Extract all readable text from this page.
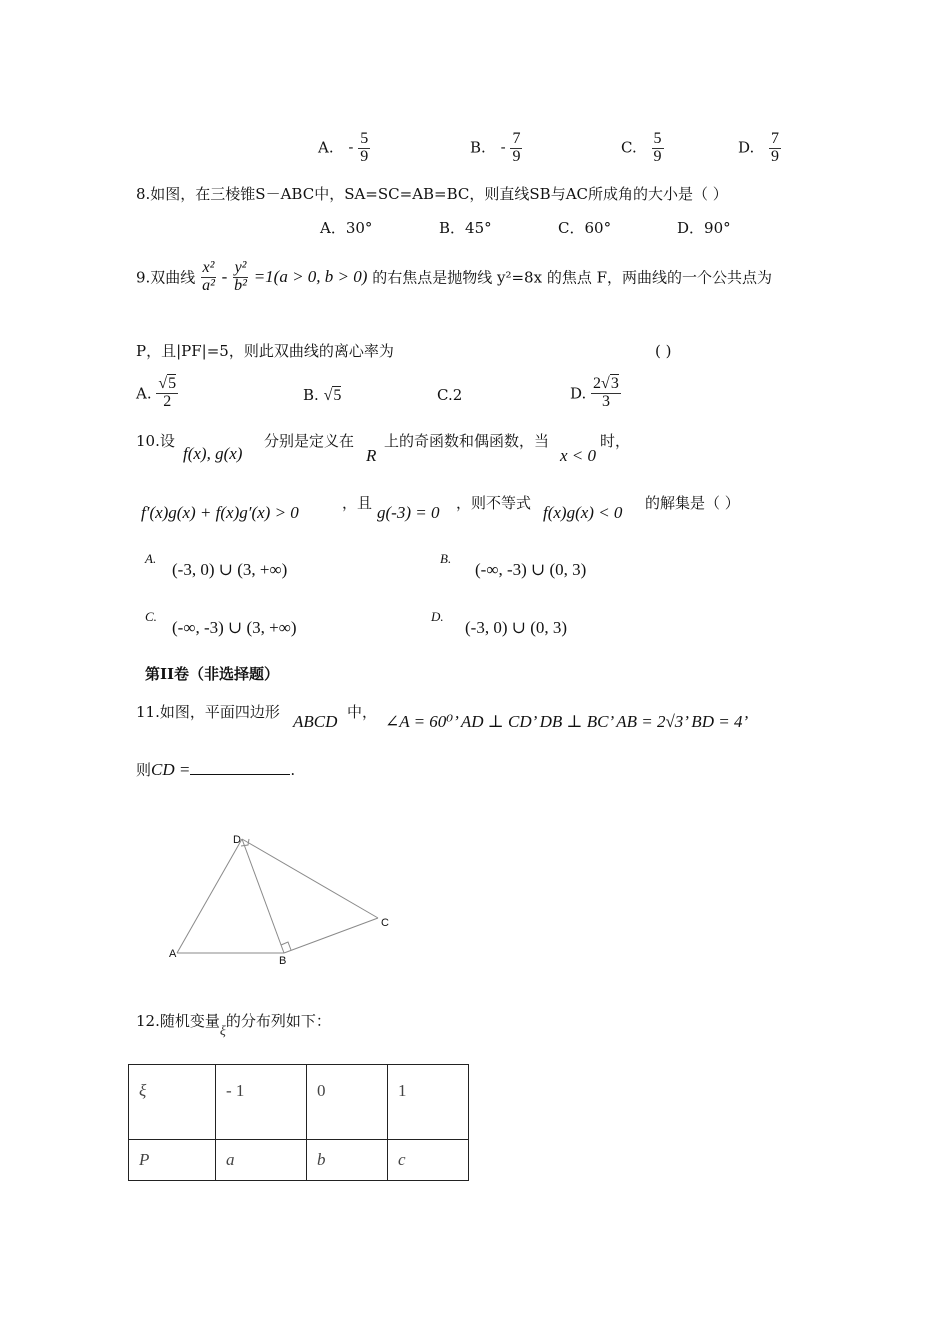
A. - $\frac{5}{9}$	B. - $\frac{7}{9}$	C. $\frac{5}{9}$	D. $\frac{7}{9}$
8.如图，在三棱锥S－ABC中，SA=SC=AB=BC，则直线SB与AC所成角的大小是（ ）
A．30°	B．45°	C．60°	D．90°
9.双曲线 $\frac{\text{x²}}{\text{a²}} - \frac{\text{y²}}{\text{b²}} =1(a > 0$, b > 0) 的右焦点是抛物线 y²=8x 的焦点 F，两曲线的一个公共点为
P，且|PF|=5，则此双曲线的离心率为	( )
A. $\frac{√5}{2}$	B. √5	C.2	D. $\frac{2√3}{3}$
10.设
f(x), g(x)
分别是定义在
R
上的奇函数和偶函数，当
x < 0
时，
f′(x)g(x) + f(x)g′(x) > 0	，且 g(-3) = 0 ，则不等式 f(x)g(x) < 0 的解集是（ ）
A.
(-3, 0) ∪ (3, +∞)
B.
(-∞, -3) ∪ (0, 3)
C.
(-∞, -3) ∪ (3, +∞)
D.
(-3, 0) ∪ (0, 3)
第II卷（非选择题）
11.如图，平面四边形 ABCD 中， ∠A = 60⁰’ AD ⊥ CD’ DB ⊥ BC’ AB = 2√3’ BD = 4’
则CD =	.
D
A
B
C
12.随机变量ξ的分布列如下：
ξ	- 1	0	1
P	a	b	c
